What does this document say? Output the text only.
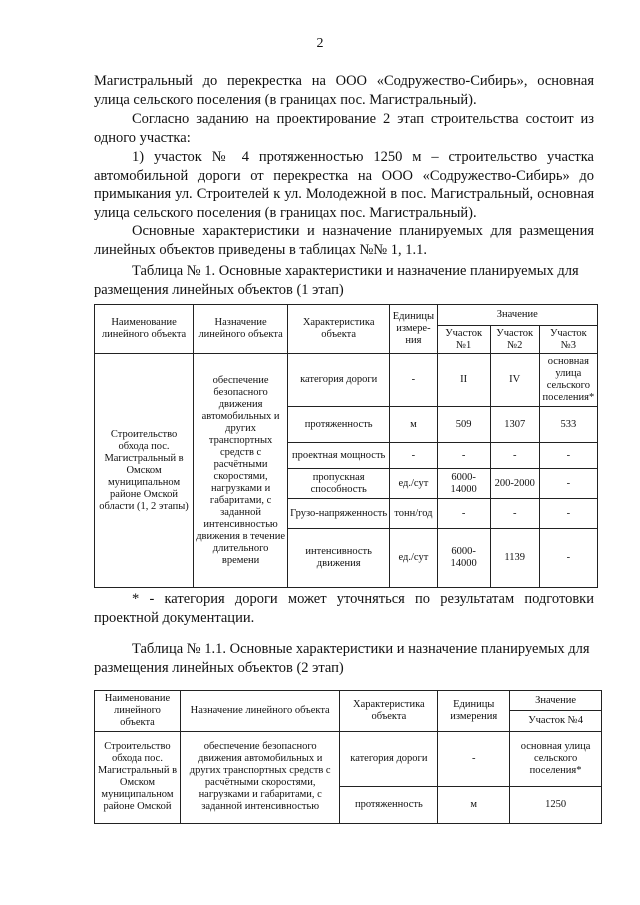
2
Магистральный до перекрестка на ООО «Содружество-Сибирь», основная улица сельского поселения (в границах пос. Магистральный).
Согласно заданию на проектирование 2 этап строительства состоит из одного участка:
1) участок № 4 протяженностью 1250 м – строительство участка автомобильной дороги от перекрестка на ООО «Содружество-Сибирь» до примыкания ул. Строителей к ул. Молодежной в пос. Магистральный, основная улица сельского поселения (в границах пос. Магистральный).
Основные характеристики и назначение планируемых для размещения линейных объектов приведены в таблицах №№ 1, 1.1.
Таблица № 1. Основные характеристики и назначение планируемых для размещения линейных объектов (1 этап)
Наименование линейного объекта	Назначение линейного объекта	Характеристика объекта	Единицы измере-ния	Значение		
				Участок №1	Участок №2	Участок №3
Строительство обхода пос. Магистральный в Омском муниципальном районе Омской области (1, 2 этапы)	обеспечение безопасного движения автомобильных и других транспортных средств с расчётными скоростями, нагрузками и габаритами, с заданной интенсивностью движения в течение длительного времени	категория дороги	-	II	IV	основная улица сельского поселения*
		протяженность	м	509	1307	533
		проектная мощность	-	-	-	-
		пропускная способность	ед./сут	6000-14000	200-2000	-
		Грузо-напряженность	тонн/год	-	-	-
		интенсивность движения	ед./сут	6000-14000	1139	-
* - категория дороги может уточняться по результатам подготовки проектной документации.
Таблица № 1.1. Основные характеристики и назначение планируемых для размещения линейных объектов (2 этап)
Наименование линейного объекта	Назначение линейного объекта	Характеристика объекта	Единицы измерения	Значение
				Участок №4
Строительство обхода пос. Магистральный в Омском муниципальном районе Омской	обеспечение безопасного движения автомобильных и других транспортных средств с расчётными скоростями, нагрузками и габаритами, с заданной интенсивностью	категория дороги	-	основная улица сельского поселения*
		протяженность	м	1250
